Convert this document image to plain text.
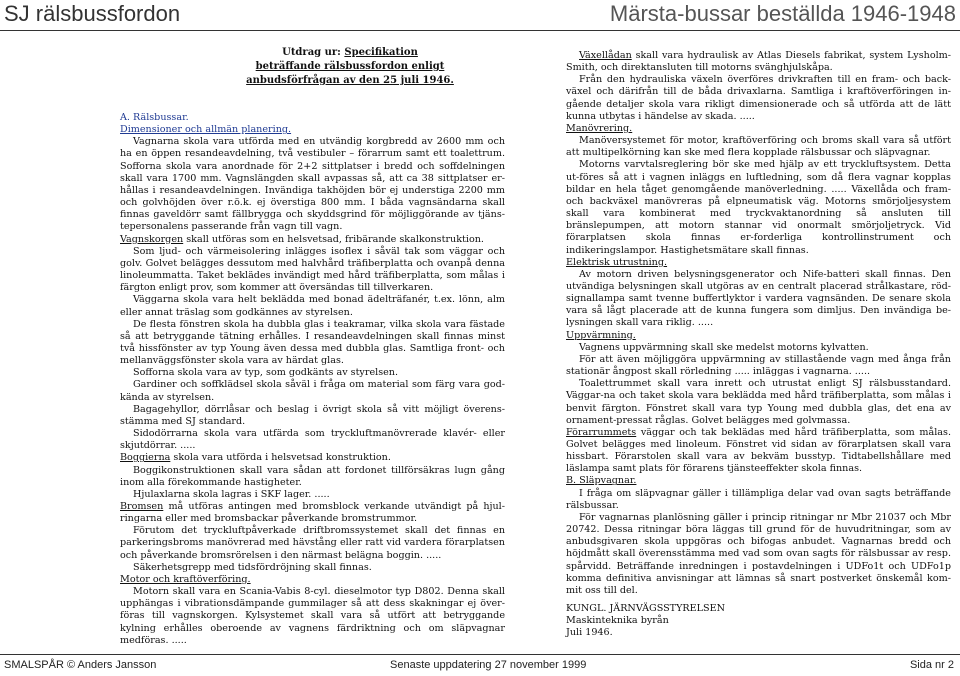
SJ rälsbussfordon	Märsta-bussar beställda 1946-1948
Utdrag ur: Specifikation
beträffande rälsbussfordon enligt
anbudsförfrågan av den 25 juli 1946.

A. Rälsbussar.

Dimensioner och allmän planering.

Vagnarna skola vara utförda med en utvändig korgbredd av 2600 mm och ha en öppen resandeavdelning, två vestibuler – förarrum samt ett toalettrum. Sofforna skola vara anordnade för 2+2 sittplatser i bredd och soffdelningen skall vara 1700 mm. Vagnslängden skall avpassas så, att ca 38 sittplatser er-hållas i resandeavdelningen. Invändiga takhöjden bör ej understiga 2200 mm och golvhöjden över r.ö.k. ej överstiga 800 mm. I båda vagnsändarna skall finnas gaveldörr samt fällbrygga och skyddsgrind för möjliggörande av tjäns-tepersonalens passerande från vagn till vagn.

Vagnskorgen skall utföras som en helsvetsad, fribärande skalkonstruktion.

Som ljud- och värmeisolering inlägges isoflex i såväl tak som väggar och golv. Golvet belägges dessutom med halvhård träfiberplatta och ovanpå denna linoleummatta. Taket beklädes invändigt med hård träfiberplatta, som målas i färgton enligt prov, som kommer att översändas till tillverkaren.

Väggarna skola vara helt beklädda med bonad ädelträfanér, t.ex. lönn, alm eller annat träslag som godkännes av styrelsen.

De flesta fönstren skola ha dubbla glas i teakramar, vilka skola vara fästade så att betryggande tätning erhålles. I resandeavdelningen skall finnas minst två hissfönster av typ Young även dessa med dubbla glas. Samtliga front- och mellanväggsfönster skola vara av härdat glas.

Sofforna skola vara av typ, som godkänts av styrelsen.

Gardiner och soffklädsel skola såväl i fråga om material som färg vara god-kända av styrelsen.

Bagagehyllor, dörrlåsar och beslag i övrigt skola så vitt möjligt överens-stämma med SJ standard.

Sidodörrarna skola vara utfärda som tryckluftmanövrerade klavér- eller skjutdörrar. .....

Boggierna skola vara utförda i helsvetsad konstruktion.

Boggikonstruktionen skall vara sådan att fordonet tillförsäkras lugn gång inom alla förekommande hastigheter.

Hjulaxlarna skola lagras i SKF lager. .....

Bromsen må utföras antingen med bromsblock verkande utvändigt på hjul-ringarna eller med bromsbackar påverkande bromstrummor.

Förutom det tryckluftpåverkade driftbromssystemet skall det finnas en parkeringsbroms manövrerad med hävstång eller ratt vid vardera förarplatsen och påverkande bromsrörelsen i den närmast belägna boggin. .....

Säkerhetsgrepp med tidsfördröjning skall finnas.

Motor och kraftöverföring.

Motorn skall vara en Scania-Vabis 8-cyl. dieselmotor typ D802. Denna skall upphängas i vibrationsdämpande gummilager så att dess skakningar ej över-föras till vagnskorgen. Kylsystemet skall vara så utfört att betryggande kylning erhålles oberoende av vagnens färdriktning och om släpvagnar medföras. .....

Växellådan skall vara hydraulisk av Atlas Diesels fabrikat, system Lysholm-Smith, och direktansluten till motorns svänghjulskåpa.

Från den hydrauliska växeln överföres drivkraften till en fram- och back-växel och därifrån till de båda drivaxlarna. Samtliga i kraftöverföringen in-gående detaljer skola vara rikligt dimensionerade och så utförda att de lätt kunna utbytas i händelse av skada. .....

Manövrering.

Manöversystemet för motor, kraftöverföring och broms skall vara så utfört att multipelkörning kan ske med flera kopplade rälsbussar och släpvagnar.

Motorns varvtalsreglering bör ske med hjälp av ett tryckluftsystem. Detta ut-föres så att i vagnen inläggs en luftledning, som då flera vagnar kopplas bildar en hela tåget genomgående manöverledning. ..... Växellåda och fram- och backväxel manövreras på elpneumatisk väg. Motorns smörjoljesystem skall vara kombinerat med tryckvaktanordning så ansluten till bränslepumpen, att motorn stannar vid onormalt smörjoljetryck. Vid förarplatsen skola finnas er-forderliga kontrollinstrument och indikeringslampor. Hastighetsmätare skall finnas.

Elektrisk utrustning.

Av motorn driven belysningsgenerator och Nife-batteri skall finnas. Den utvändiga belysningen skall utgöras av en centralt placerad strålkastare, röd-signallampa samt tvenne buffertlyktor i vardera vagnsänden. De senare skola vara så lågt placerade att de kunna fungera som dimljus. Den invändiga be-lysningen skall vara riklig. .....

Uppvärmning.

Vagnens uppvärmning skall ske medelst motorns kylvatten.

För att även möjliggöra uppvärmning av stillastående vagn med ånga från stationär ångpost skall rörledning ..... inläggas i vagnarna. .....

Toalettrummet skall vara inrett och utrustat enligt SJ rälsbusstandard. Väggar-na och taket skola vara beklädda med hård träfiberplatta, som målas i benvit färgton. Fönstret skall vara typ Young med dubbla glas, det ena av ornament-pressat råglas. Golvet belägges med golvmassa.

Förarrummets väggar och tak beklädas med hård träfiberplatta, som målas. Golvet belägges med linoleum. Fönstret vid sidan av förarplatsen skall vara hissbart. Förarstolen skall vara av bekväm busstyp. Tidtabellshållare med läslampa samt plats för förarens tjänsteeffekter skola finnas.

B. Släpvagnar.

I fråga om släpvagnar gäller i tillämpliga delar vad ovan sagts beträffande rälsbussar.

För vagnarnas planlösning gäller i princip ritningar nr Mbr 21037 och Mbr 20742. Dessa ritningar böra läggas till grund för de huvudritningar, som av anbudsgivaren skola uppgöras och bifogas anbudet. Vagnarnas bredd och höjdmått skall överensstämma med vad som ovan sagts för rälsbussar av resp. spårvidd. Beträffande inredningen i postavdelningen i UDFo1t och UDFo1p komma definitiva anvisningar att lämnas så snart postverket önskemål kom-mit oss till del.

KUNGL. JÄRNVÄGSSTYRELSEN

Maskinteknika byrån

Juli 1946.

SMALSPÅR © Anders Jansson	Senaste uppdatering 27 november 1999	Sida nr 2
